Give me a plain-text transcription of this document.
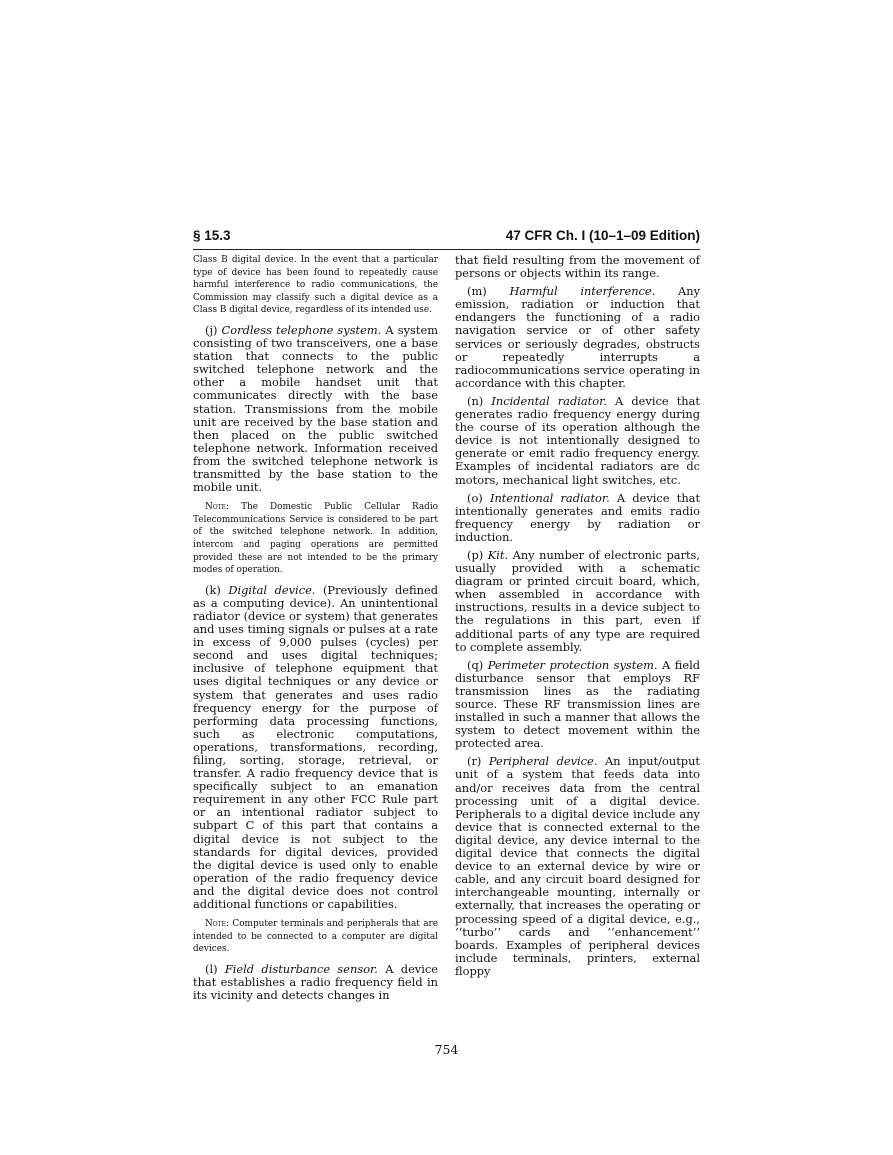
§ 15.3	47 CFR Ch. I (10–1–09 Edition)

Class B digital device. In the event that a particular type of device has been found to repeatedly cause harmful interference to radio communications, the Commission may classify such a digital device as a Class B digital device, regardless of its intended use.

(j) Cordless telephone system. A system consisting of two transceivers, one a base station that connects to the public switched telephone network and the other a mobile handset unit that communicates directly with the base station. Transmissions from the mobile unit are received by the base station and then placed on the public switched telephone network. Information received from the switched telephone network is transmitted by the base station to the mobile unit.

Note: The Domestic Public Cellular Radio Telecommunications Service is considered to be part of the switched telephone network. In addition, intercom and paging operations are permitted provided these are not intended to be the primary modes of operation.

(k) Digital device. (Previously defined as a computing device). An unintentional radiator (device or system) that generates and uses timing signals or pulses at a rate in excess of 9,000 pulses (cycles) per second and uses digital techniques; inclusive of telephone equipment that uses digital techniques or any device or system that generates and uses radio frequency energy for the purpose of performing data processing functions, such as electronic computations, operations, transformations, recording, filing, sorting, storage, retrieval, or transfer. A radio frequency device that is specifically subject to an emanation requirement in any other FCC Rule part or an intentional radiator subject to subpart C of this part that contains a digital device is not subject to the standards for digital devices, provided the digital device is used only to enable operation of the radio frequency device and the digital device does not control additional functions or capabilities.

Note: Computer terminals and peripherals that are intended to be connected to a computer are digital devices.

(l) Field disturbance sensor. A device that establishes a radio frequency field in its vicinity and detects changes in

that field resulting from the movement of persons or objects within its range.

(m) Harmful interference. Any emission, radiation or induction that endangers the functioning of a radio navigation service or of other safety services or seriously degrades, obstructs or repeatedly interrupts a radiocommunications service operating in accordance with this chapter.

(n) Incidental radiator. A device that generates radio frequency energy during the course of its operation although the device is not intentionally designed to generate or emit radio frequency energy. Examples of incidental radiators are dc motors, mechanical light switches, etc.

(o) Intentional radiator. A device that intentionally generates and emits radio frequency energy by radiation or induction.

(p) Kit. Any number of electronic parts, usually provided with a schematic diagram or printed circuit board, which, when assembled in accordance with instructions, results in a device subject to the regulations in this part, even if additional parts of any type are required to complete assembly.

(q) Perimeter protection system. A field disturbance sensor that employs RF transmission lines as the radiating source. These RF transmission lines are installed in such a manner that allows the system to detect movement within the protected area.

(r) Peripheral device. An input/output unit of a system that feeds data into and/or receives data from the central processing unit of a digital device. Peripherals to a digital device include any device that is connected external to the digital device, any device internal to the digital device that connects the digital device to an external device by wire or cable, and any circuit board designed for interchangeable mounting, internally or externally, that increases the operating or processing speed of a digital device, e.g., ‘‘turbo’’ cards and ‘‘enhancement’’ boards. Examples of peripheral devices include terminals, printers, external floppy

754
